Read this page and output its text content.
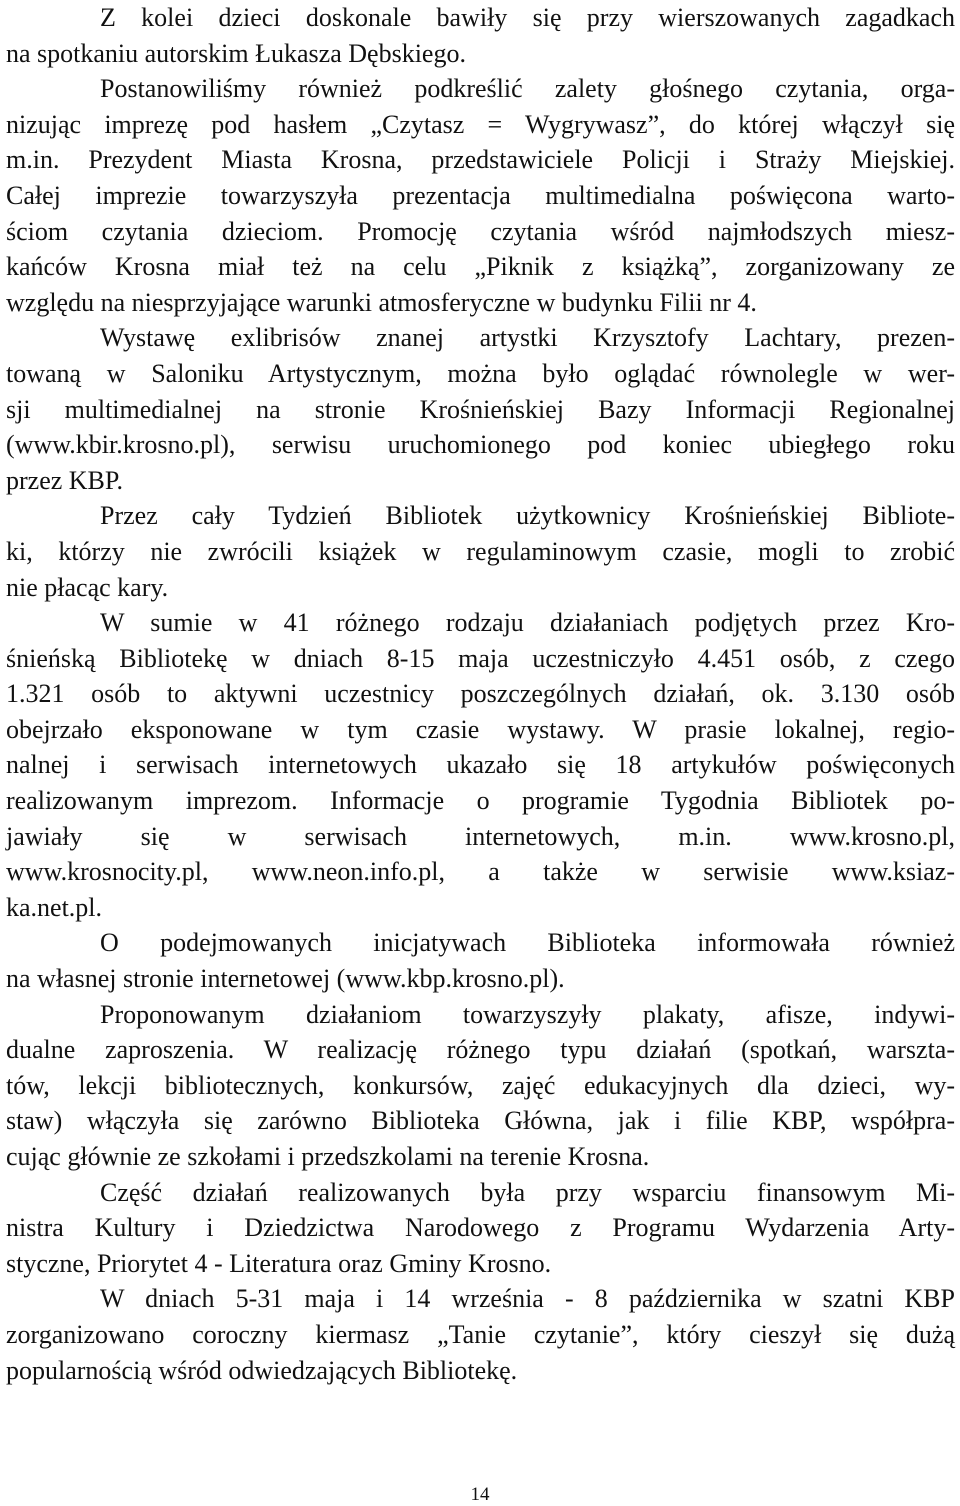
Z kolei dzieci doskonale bawiły się przy wierszowanych zagadkach
na spotkaniu autorskim Łukasza Dębskiego.
Postanowiliśmy również podkreślić zalety głośnego czytania, orga-
nizując imprezę pod hasłem „Czytasz = Wygrywasz”, do której włączył się
m.in. Prezydent Miasta Krosna, przedstawiciele Policji i Straży Miejskiej.
Całej imprezie towarzyszyła prezentacja multimedialna poświęcona warto-
ściom czytania dzieciom. Promocję czytania wśród najmłodszych miesz-
kańców Krosna miał też na celu „Piknik z książką”, zorganizowany ze
względu na niesprzyjające warunki atmosferyczne w budynku Filii nr 4.
Wystawę exlibrisów znanej artystki Krzysztofy Lachtary, prezen-
towaną w Saloniku Artystycznym, można było oglądać równolegle w wer-
sji multimedialnej na stronie Krośnieńskiej Bazy Informacji Regionalnej
(www.kbir.krosno.pl), serwisu uruchomionego pod koniec ubiegłego roku
przez KBP.
Przez cały Tydzień Bibliotek użytkownicy Krośnieńskiej Bibliote-
ki, którzy nie zwrócili książek w regulaminowym czasie, mogli to zrobić
nie płacąc kary.
W sumie w 41 różnego rodzaju działaniach podjętych przez Kro-
śnieńską Bibliotekę w dniach 8-15 maja uczestniczyło 4.451 osób, z czego
1.321 osób to aktywni uczestnicy poszczególnych działań, ok. 3.130 osób
obejrzało eksponowane w tym czasie wystawy. W prasie lokalnej, regio-
nalnej i serwisach internetowych ukazało się 18 artykułów poświęconych
realizowanym imprezom. Informacje o programie Tygodnia Bibliotek po-
jawiały się w serwisach internetowych, m.in. www.krosno.pl,
www.krosnocity.pl, www.neon.info.pl, a także w serwisie www.ksiaz-
ka.net.pl.
O podejmowanych inicjatywach Biblioteka informowała również
na własnej stronie internetowej (www.kbp.krosno.pl).
Proponowanym działaniom towarzyszyły plakaty, afisze, indywi-
dualne zaproszenia. W realizację różnego typu działań (spotkań, warszta-
tów, lekcji bibliotecznych, konkursów, zajęć edukacyjnych dla dzieci, wy-
staw) włączyła się zarówno Biblioteka Główna, jak i filie KBP, współpra-
cując głównie ze szkołami i przedszkolami na terenie Krosna.
Część działań realizowanych była przy wsparciu finansowym Mi-
nistra Kultury i Dziedzictwa Narodowego z Programu Wydarzenia Arty-
styczne, Priorytet 4 - Literatura oraz Gminy Krosno.
W dniach 5-31 maja i 14 września - 8 października w szatni KBP
zorganizowano coroczny kiermasz „Tanie czytanie”, który cieszył się dużą
popularnością wśród odwiedzających Bibliotekę.
14
